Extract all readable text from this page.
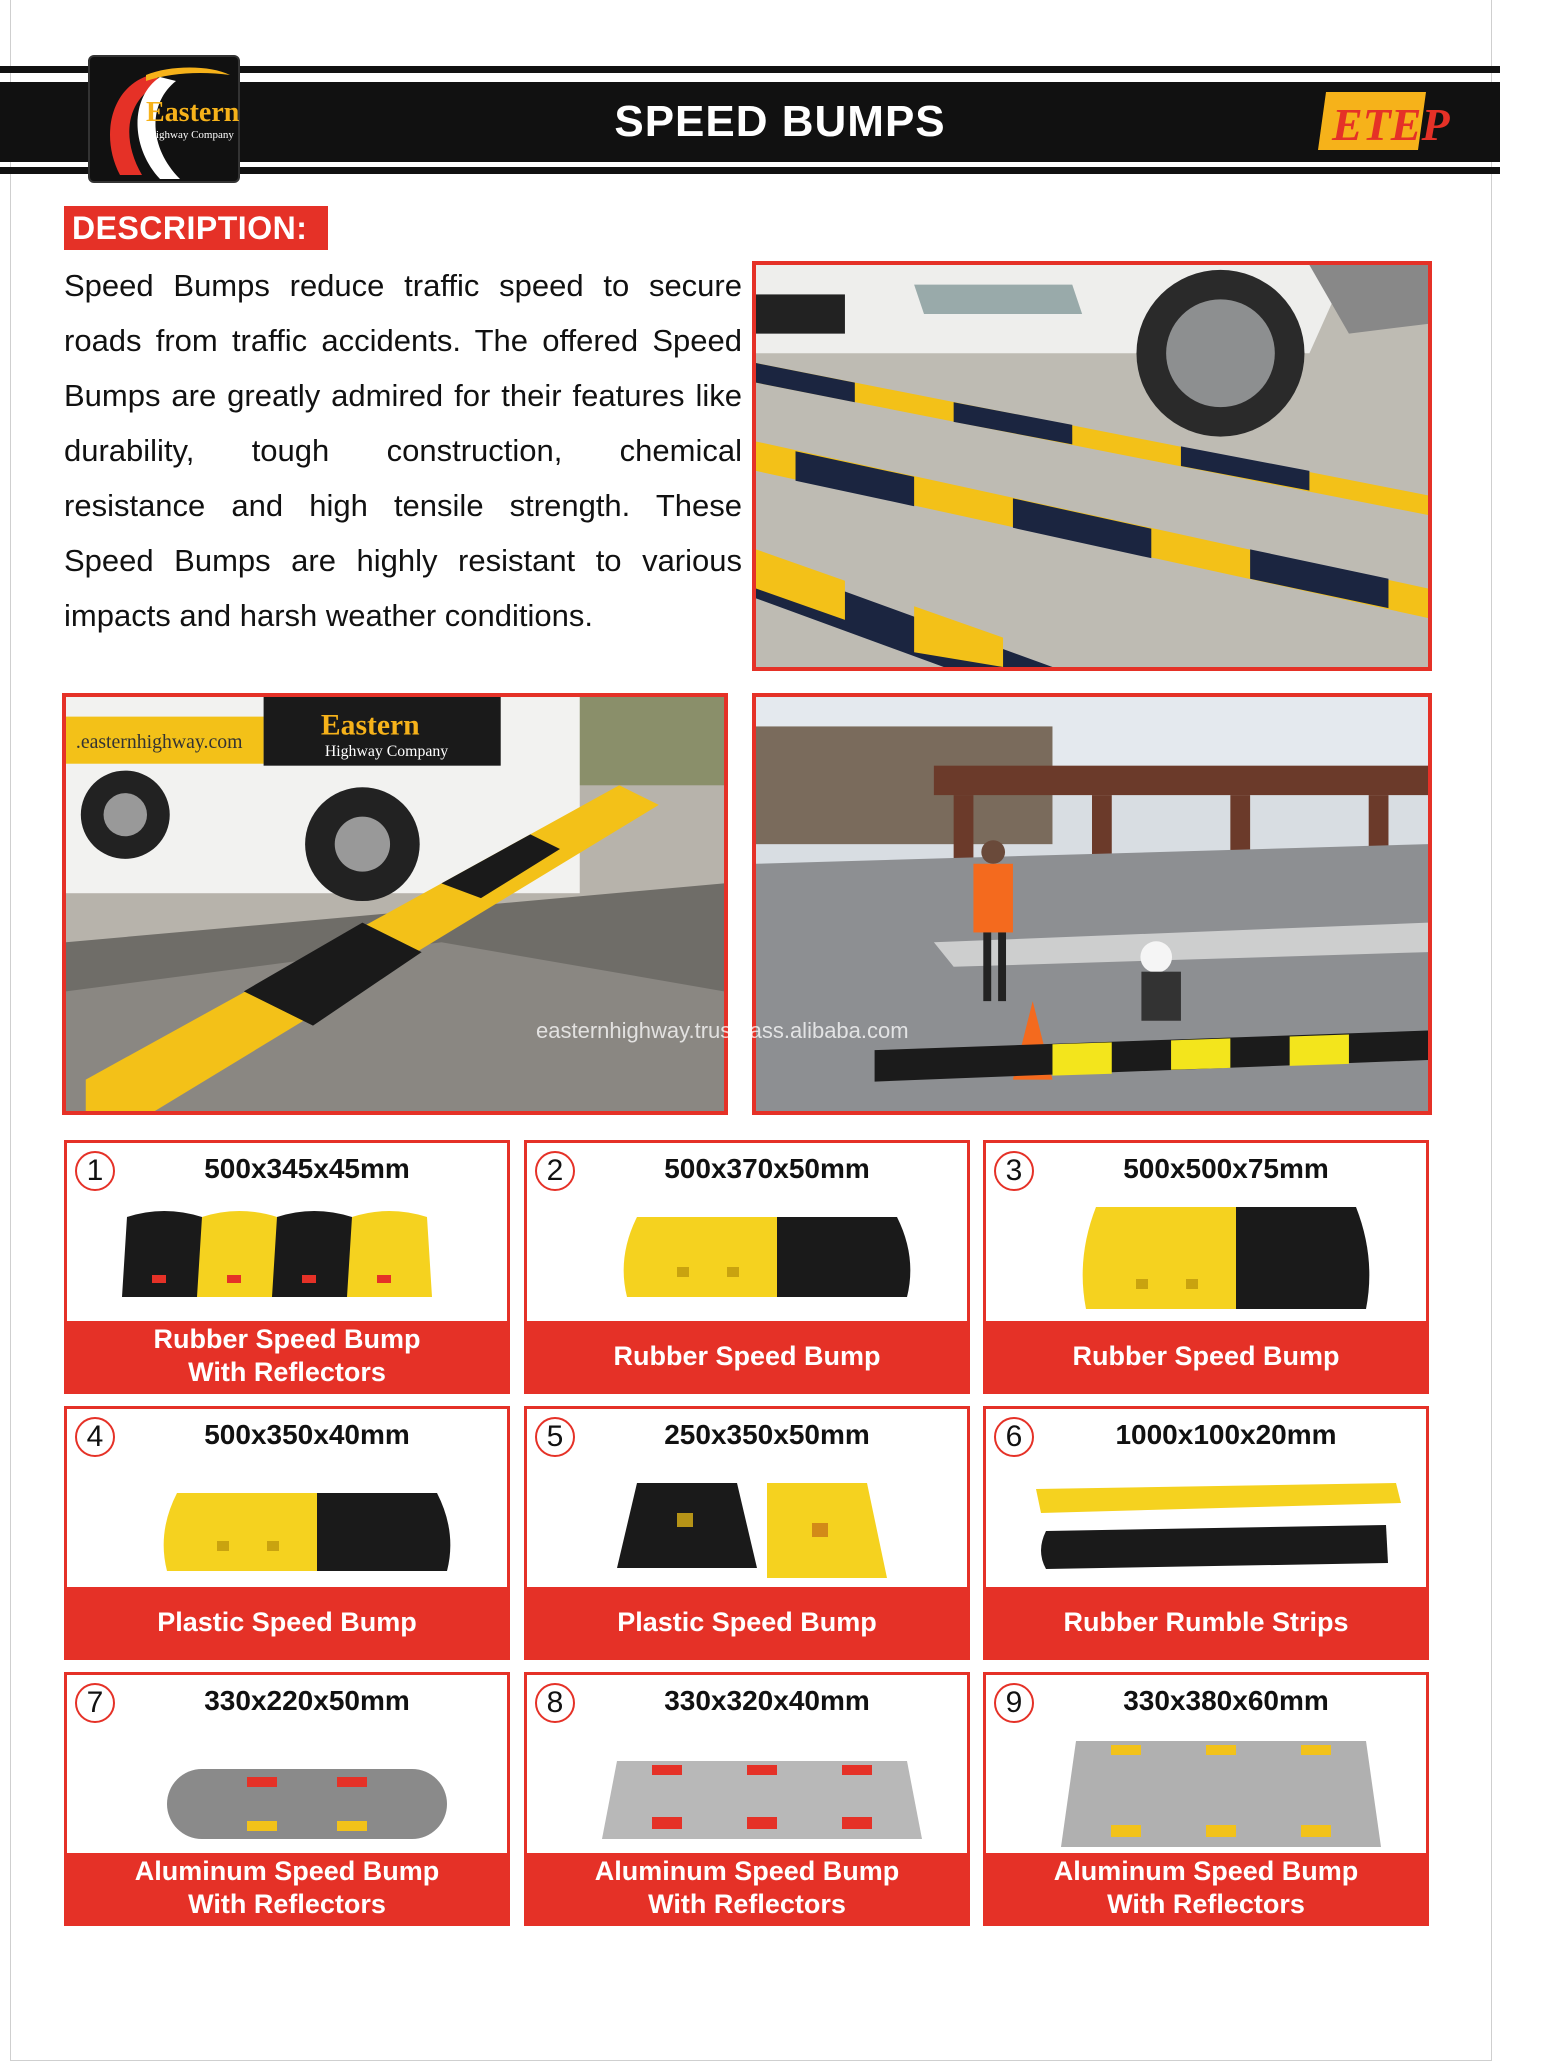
SPEED BUMPS
Eastern
Highway Company	ETEP
DESCRIPTION:
Speed Bumps reduce traffic speed to secure roads from traffic accidents. The offered Speed Bumps are greatly admired for their features like durability, tough construction, chemical resistance and high tensile strength. These Speed Bumps are highly resistant to various impacts and harsh weather conditions.
.easternhighway.com
Eastern
Highway Company
easternhighway.trustpass.alibaba.com
1	500x345x45mm
Rubber Speed Bump
With Reflectors
2	500x370x50mm
Rubber Speed Bump
3	500x500x75mm
Rubber Speed Bump
4	500x350x40mm
Plastic Speed Bump
5	250x350x50mm
Plastic Speed Bump
6	1000x100x20mm
Rubber Rumble Strips
7	330x220x50mm
Aluminum Speed Bump
With Reflectors
8	330x320x40mm
Aluminum Speed Bump
With Reflectors
9	330x380x60mm
Aluminum Speed Bump
With Reflectors
